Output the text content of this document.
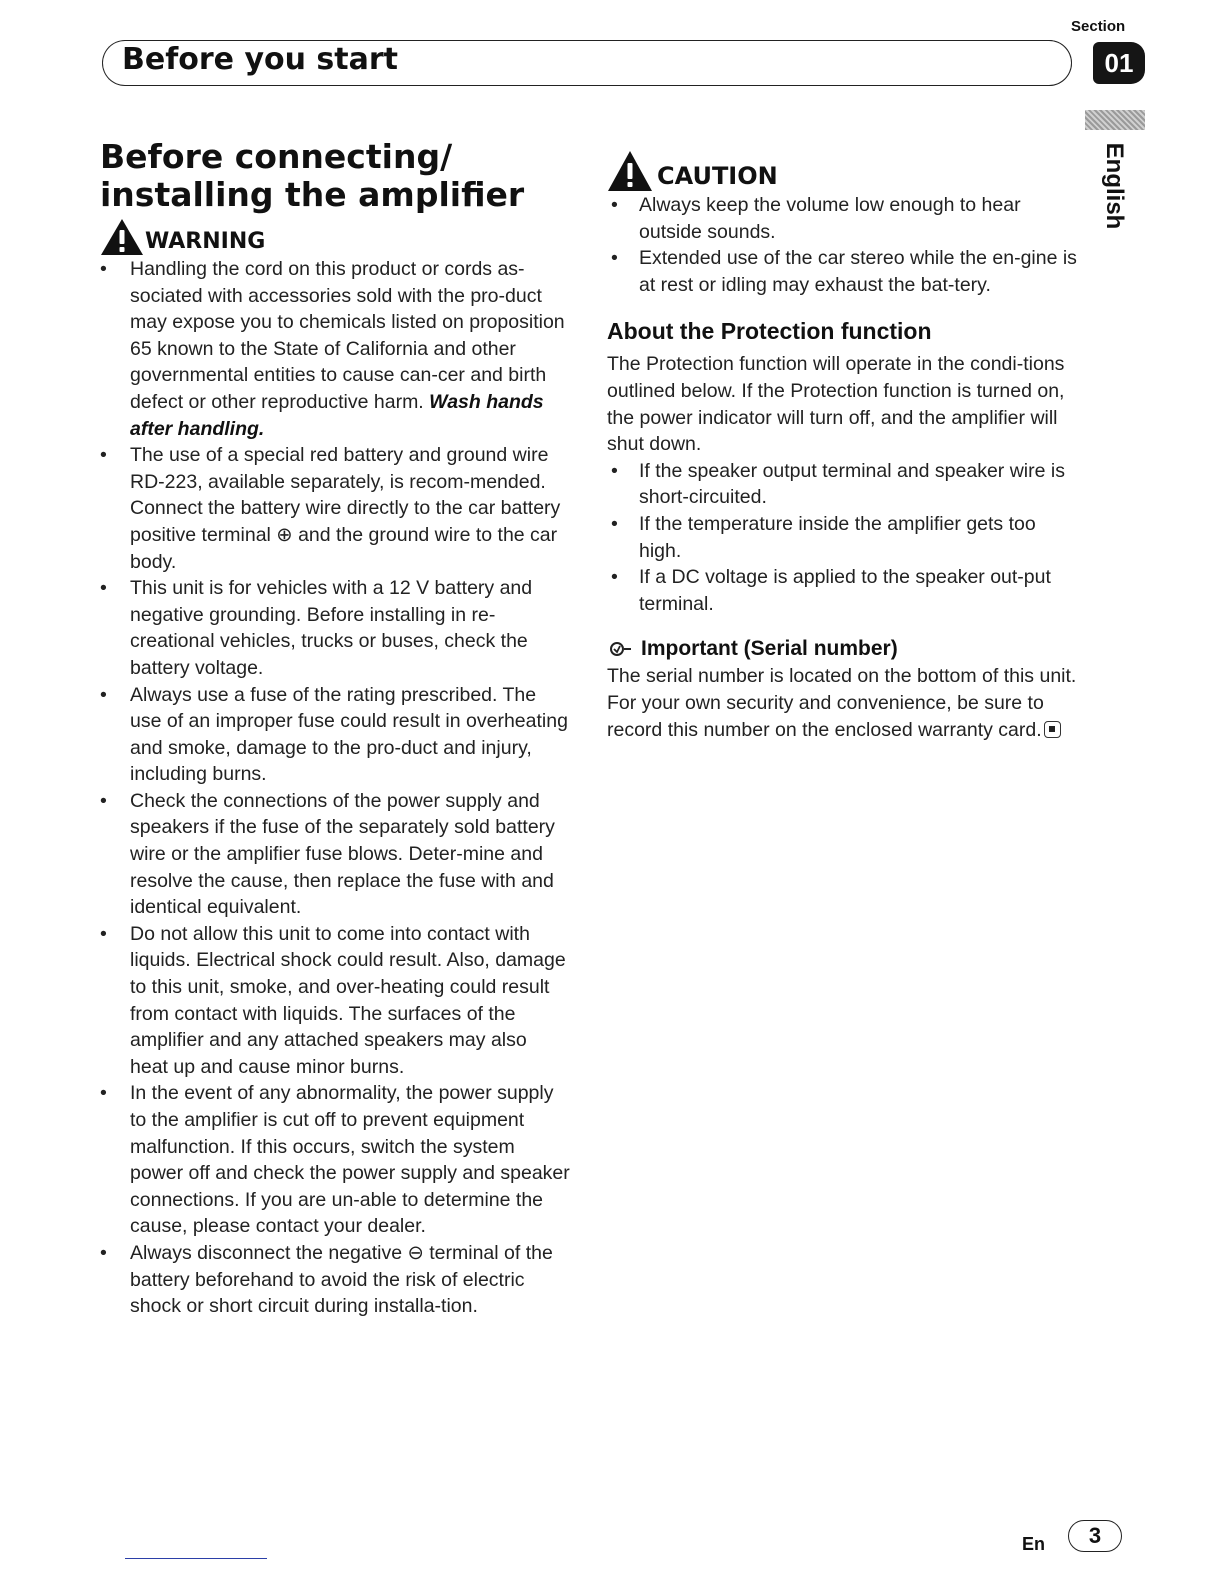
Section
Before you start	01
English
Before connecting/ installing the amplifier
WARNING
• Handling the cord on this product or cords as-sociated with accessories sold with the pro-duct may expose you to chemicals listed on proposition 65 known to the State of California and other governmental entities to cause can-cer and birth defect or other reproductive harm. Wash hands after handling.
• The use of a special red battery and ground wire RD-223, available separately, is recom-mended. Connect the battery wire directly to the car battery positive terminal ⊕ and the ground wire to the car body.
• This unit is for vehicles with a 12 V battery and negative grounding. Before installing in re-creational vehicles, trucks or buses, check the battery voltage.
• Always use a fuse of the rating prescribed. The use of an improper fuse could result in overheating and smoke, damage to the pro-duct and injury, including burns.
• Check the connections of the power supply and speakers if the fuse of the separately sold battery wire or the amplifier fuse blows. Deter-mine and resolve the cause, then replace the fuse with and identical equivalent.
• Do not allow this unit to come into contact with liquids. Electrical shock could result. Also, damage to this unit, smoke, and over-heating could result from contact with liquids. The surfaces of the amplifier and any attached speakers may also heat up and cause minor burns.
• In the event of any abnormality, the power supply to the amplifier is cut off to prevent equipment malfunction. If this occurs, switch the system power off and check the power supply and speaker connections. If you are un-able to determine the cause, please contact your dealer.
• Always disconnect the negative ⊖ terminal of the battery beforehand to avoid the risk of electric shock or short circuit during installa-tion.
CAUTION
• Always keep the volume low enough to hear outside sounds.
• Extended use of the car stereo while the en-gine is at rest or idling may exhaust the bat-tery.
About the Protection function

The Protection function will operate in the condi-tions outlined below. If the Protection function is turned on, the power indicator will turn off, and the amplifier will shut down.

• If the speaker output terminal and speaker wire is short-circuited.
• If the temperature inside the amplifier gets too high.
• If a DC voltage is applied to the speaker out-put terminal.
Important (Serial number)

The serial number is located on the bottom of this unit. For your own security and convenience, be sure to record this number on the enclosed warranty card.

En	3
